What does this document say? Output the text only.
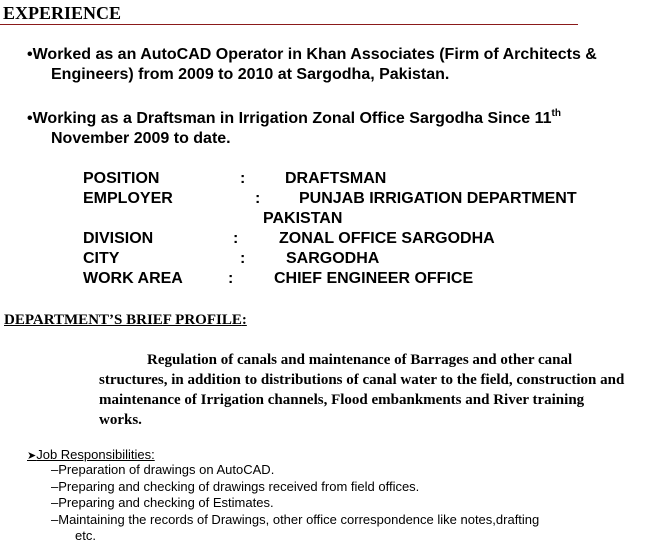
EXPERIENCE
•Worked as an AutoCAD Operator in Khan Associates (Firm of Architects &
Engineers) from 2009 to 2010 at Sargodha, Pakistan.
•Working as a Draftsman in Irrigation Zonal Office Sargodha Since 11th
November 2009 to date.
POSITION	: DRAFTSMAN
EMPLOYER	: PUNJAB IRRIGATION DEPARTMENT
PAKISTAN
DIVISION	:	ZONAL OFFICE SARGODHA
CITY	:	SARGODHA
WORK AREA	:	CHIEF ENGINEER OFFICE
DEPARTMENT’S BRIEF PROFILE:
Regulation of canals and maintenance of Barrages and other canal
structures, in addition to distributions of canal water to the field, construction and
maintenance of Irrigation channels, Flood embankments and River training
works.
➤Job Responsibilities:
–Preparation of drawings on AutoCAD.
–Preparing and checking of drawings received from field offices.
–Preparing and checking of Estimates.
–Maintaining the records of Drawings, other office correspondence like notes,drafting
etc.
